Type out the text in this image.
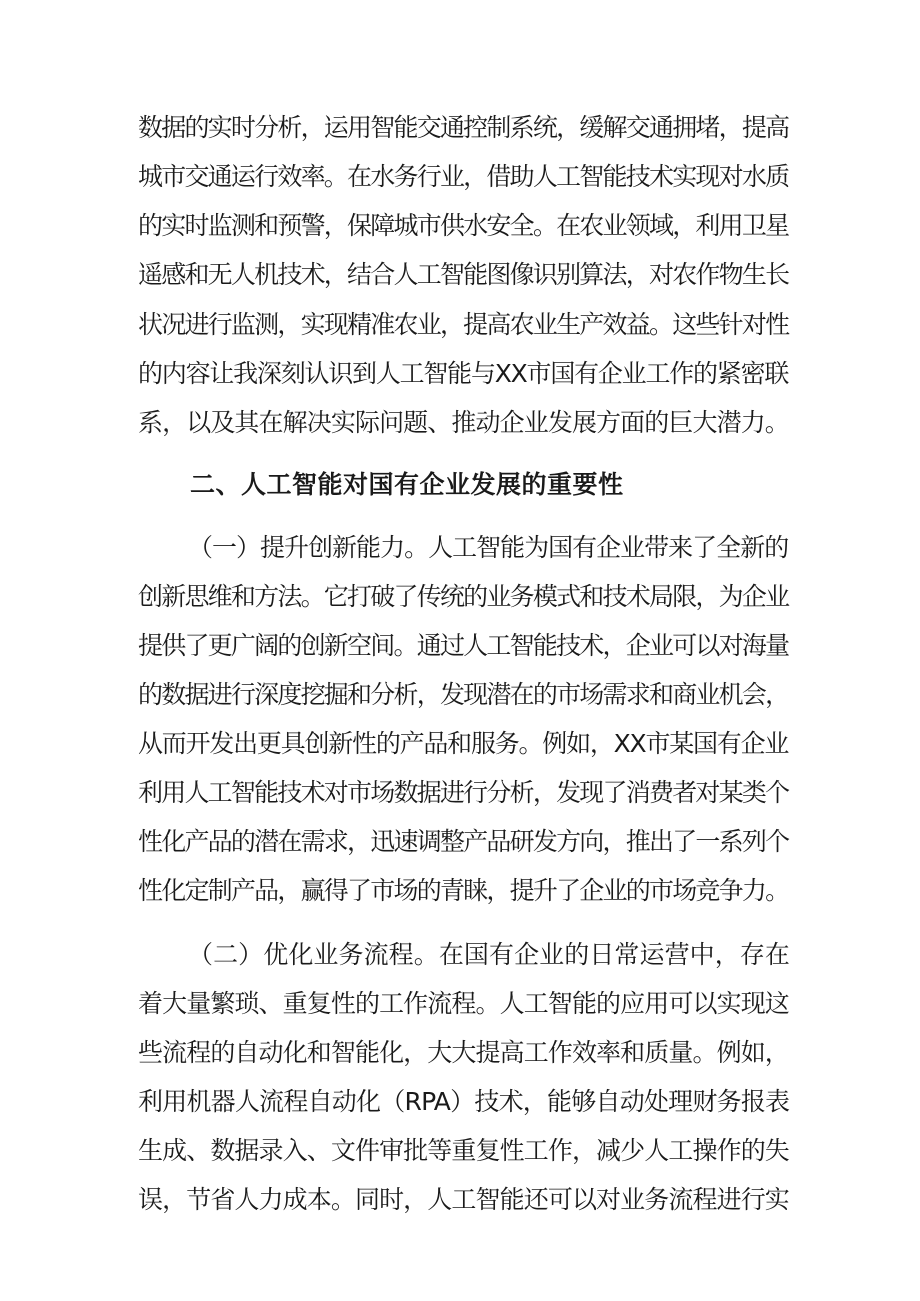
数据的实时分析，运用智能交通控制系统，缓解交通拥堵，提高
城市交通运行效率。在水务行业，借助人工智能技术实现对水质
的实时监测和预警，保障城市供水安全。在农业领域，利用卫星
遥感和无人机技术，结合人工智能图像识别算法，对农作物生长
状况进行监测，实现精准农业，提高农业生产效益。这些针对性
的内容让我深刻认识到人工智能与XX市国有企业工作的紧密联
系，以及其在解决实际问题、推动企业发展方面的巨大潜力。
二、人工智能对国有企业发展的重要性
（一）提升创新能力。人工智能为国有企业带来了全新的
创新思维和方法。它打破了传统的业务模式和技术局限，为企业
提供了更广阔的创新空间。通过人工智能技术，企业可以对海量
的数据进行深度挖掘和分析，发现潜在的市场需求和商业机会，
从而开发出更具创新性的产品和服务。例如，XX市某国有企业
利用人工智能技术对市场数据进行分析，发现了消费者对某类个
性化产品的潜在需求，迅速调整产品研发方向，推出了一系列个
性化定制产品，赢得了市场的青睐，提升了企业的市场竞争力。
（二）优化业务流程。在国有企业的日常运营中，存在
着大量繁琐、重复性的工作流程。人工智能的应用可以实现这
些流程的自动化和智能化，大大提高工作效率和质量。例如，
利用机器人流程自动化（RPA）技术，能够自动处理财务报表
生成、数据录入、文件审批等重复性工作，减少人工操作的失
误，节省人力成本。同时，人工智能还可以对业务流程进行实
